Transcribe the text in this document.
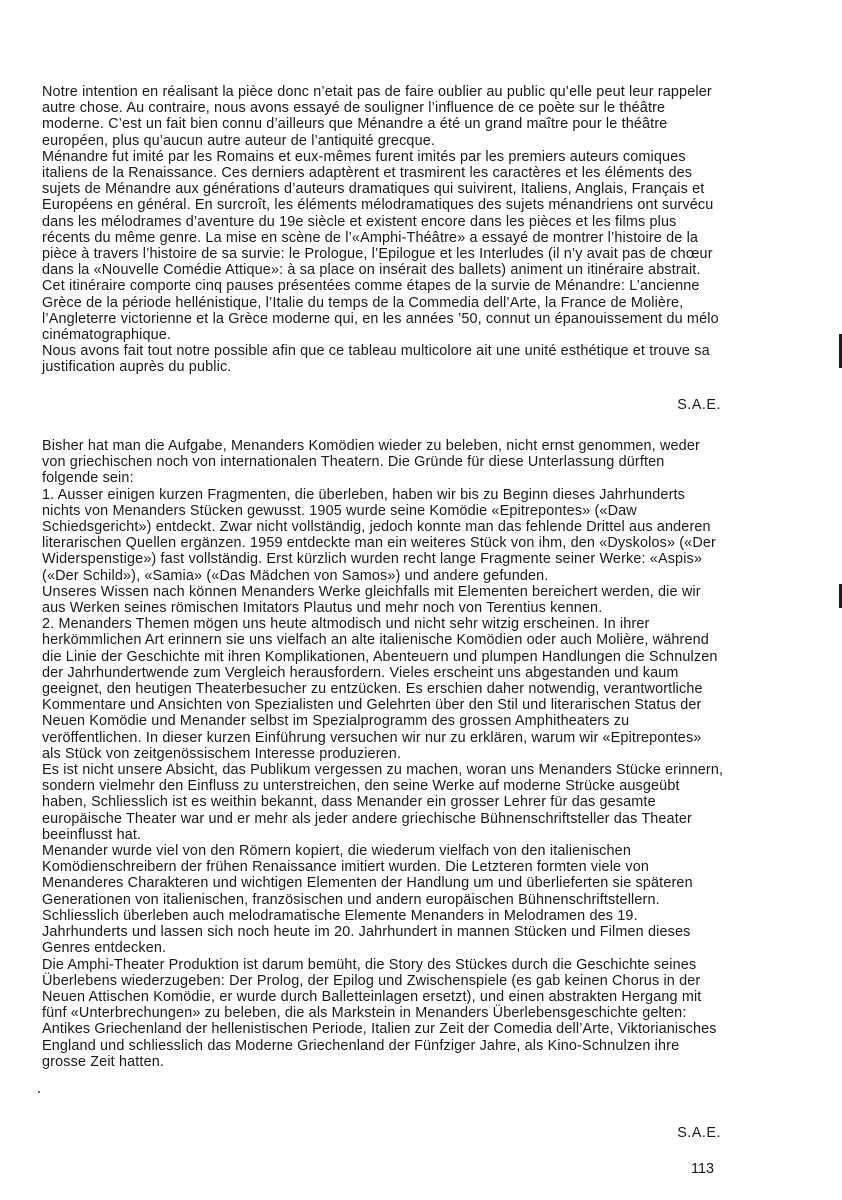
Notre intention en réalisant la pièce donc n’etait pas de faire oublier au public qu’elle peut leur rappeler autre chose. Au contraire, nous avons essayé de souligner l’influence de ce poète sur le théâtre moderne. C’est un fait bien connu d’ailleurs que Ménandre a été un grand maître pour le théâtre européen, plus qu’aucun autre auteur de l’antiquité grecque.

Ménandre fut imité par les Romains et eux-mêmes furent imités par les premiers auteurs comiques italiens de la Renaissance. Ces derniers adaptèrent et trasmirent les caractères et les éléments des sujets de Ménandre aux générations d’auteurs dramatiques qui suivirent, Italiens, Anglais, Français et Européens en général. En surcroît, les éléments mélodramatiques des sujets ménandriens ont survécu dans les mélodrames d’aventure du 19e siècle et existent encore dans les pièces et les films plus récents du même genre. La mise en scène de l’«Amphi-Théâtre» a essayé de montrer l’histoire de la pièce à travers l’histoire de sa survie: le Prologue, l’Epilogue et les Interludes (il n’y avait pas de chœur dans la «Nouvelle Comédie Attique»: à sa place on insérait des ballets) animent un itinéraire abstrait. Cet itinéraire comporte cinq pauses présentées comme étapes de la survie de Ménandre: L’ancienne Grèce de la période hellénistique, l’Italie du temps de la Commedia dell’Arte, la France de Molière, l’Angleterre victorienne et la Grèce moderne qui, en les années ’50, connut un épanouissement du mélo cinématographique.

Nous avons fait tout notre possible afin que ce tableau multicolore ait une unité esthétique et trouve sa justification auprès du public.

S.A.E.

Bisher hat man die Aufgabe, Menanders Komödien wieder zu beleben, nicht ernst genommen, weder von griechischen noch von internationalen Theatern. Die Gründe für diese Unterlassung dürften folgende sein:

1. Ausser einigen kurzen Fragmenten, die überleben, haben wir bis zu Beginn dieses Jahrhunderts nichts von Menanders Stücken gewusst. 1905 wurde seine Komödie «Epitrepontes» («Daw Schiedsgericht») entdeckt. Zwar nicht vollständig, jedoch konnte man das fehlende Drittel aus anderen literarischen Quellen ergänzen. 1959 entdeckte man ein weiteres Stück von ihm, den «Dyskolos» («Der Widerspenstige») fast vollständig. Erst kürzlich wurden recht lange Fragmente seiner Werke: «Aspis» («Der Schild»), «Samia» («Das Mädchen von Samos») und andere gefunden.

Unseres Wissen nach können Menanders Werke gleichfalls mit Elementen bereichert werden, die wir aus Werken seines römischen Imitators Plautus und mehr noch von Terentius kennen.

2. Menanders Themen mögen uns heute altmodisch und nicht sehr witzig erscheinen. In ihrer herkömmlichen Art erinnern sie uns vielfach an alte italienische Komödien oder auch Molière, während die Linie der Geschichte mit ihren Komplikationen, Abenteuern und plumpen Handlungen die Schnulzen der Jahrhundertwende zum Vergleich herausfordern. Vieles erscheint uns abgestanden und kaum geeignet, den heutigen Theaterbesucher zu entzücken. Es erschien daher notwendig, verantwortliche Kommentare und Ansichten von Spezialisten und Gelehrten über den Stil und literarischen Status der Neuen Komödie und Menander selbst im Spezialprogramm des grossen Amphitheaters zu veröffentlichen. In dieser kurzen Einführung versuchen wir nur zu erklären, warum wir «Epitrepontes» als Stück von zeitgenössischem Interesse produzieren.

Es ist nicht unsere Absicht, das Publikum vergessen zu machen, woran uns Menanders Stücke erinnern, sondern vielmehr den Einfluss zu unterstreichen, den seine Werke auf moderne Strücke ausgeübt haben, Schliesslich ist es weithin bekannt, dass Menander ein grosser Lehrer für das gesamte europäische Theater war und er mehr als jeder andere griechische Bühnenschriftsteller das Theater beeinflusst hat.

Menander wurde viel von den Römern kopiert, die wiederum vielfach von den italienischen Komödienschreibern der frühen Renaissance imitiert wurden. Die Letzteren formten viele von Menanderes Charakteren und wichtigen Elementen der Handlung um und überlieferten sie späteren Generationen von italienischen, französischen und andern europäischen Bühnenschriftstellern. Schliesslich überleben auch melodramatische Elemente Menanders in Melodramen des 19. Jahrhunderts und lassen sich noch heute im 20. Jahrhundert in mannen Stücken und Filmen dieses Genres entdecken.

Die Amphi-Theater Produktion ist darum bemüht, die Story des Stückes durch die Geschichte seines Überlebens wiederzugeben: Der Prolog, der Epilog und Zwischenspiele (es gab keinen Chorus in der Neuen Attischen Komödie, er wurde durch Balletteinlagen ersetzt), und einen abstrakten Hergang mit fünf «Unterbrechungen» zu beleben, die als Markstein in Menanders Überlebensgeschichte gelten: Antikes Griechenland der hellenistischen Periode, Italien zur Zeit der Comedia dell’Arte, Viktorianisches England und schliesslich das Moderne Griechenland der Fünfziger Jahre, als Kino-Schnulzen ihre grosse Zeit hatten.

S.A.E.
113
